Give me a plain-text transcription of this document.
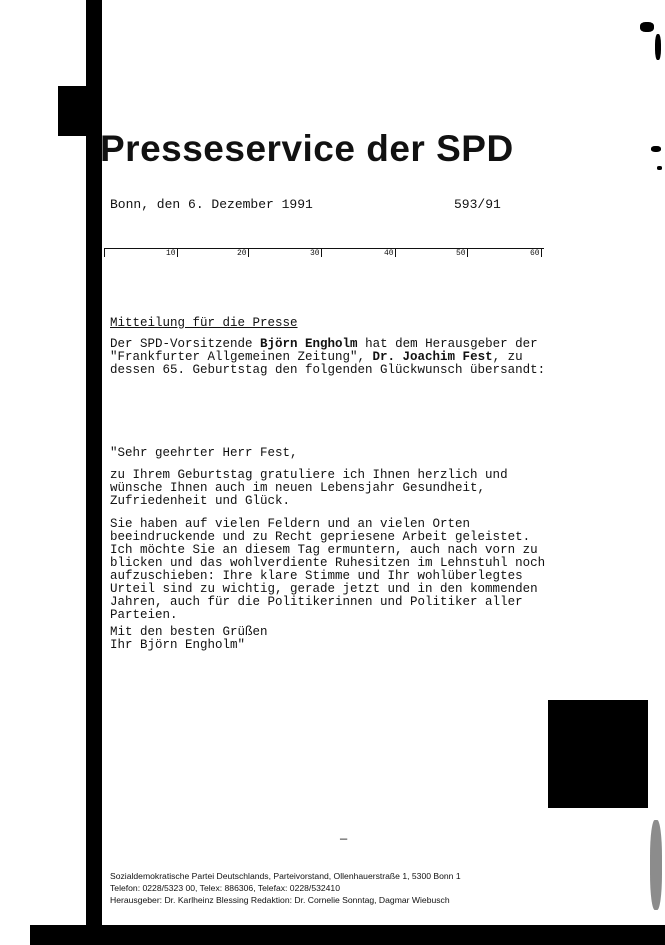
Presseservice der SPD
Bonn, den 6. Dezember 1991	593/91
10	20	30	40	50	60
Mitteilung für die Presse
Der SPD-Vorsitzende Björn Engholm hat dem Herausgeber der
"Frankfurter Allgemeinen Zeitung", Dr. Joachim Fest, zu
dessen 65. Geburtstag den folgenden Glückwunsch übersandt:
"Sehr geehrter Herr Fest,
zu Ihrem Geburtstag gratuliere ich Ihnen herzlich und
wünsche Ihnen auch im neuen Lebensjahr Gesundheit,
Zufriedenheit und Glück.
Sie haben auf vielen Feldern und an vielen Orten
beeindruckende und zu Recht gepriesene Arbeit geleistet.
Ich möchte Sie an diesem Tag ermuntern, auch nach vorn zu
blicken und das wohlverdiente Ruhesitzen im Lehnstuhl noch
aufzuschieben: Ihre klare Stimme und Ihr wohlüberlegtes
Urteil sind zu wichtig, gerade jetzt und in den kommenden
Jahren, auch für die Politikerinnen und Politiker aller
Parteien.
Mit den besten Grüßen
Ihr Björn Engholm"
—
Sozialdemokratische Partei Deutschlands, Parteivorstand, Ollenhauerstraße 1, 5300 Bonn 1
Telefon: 0228/5323 00, Telex: 886306, Telefax: 0228/532410
Herausgeber: Dr. Karlheinz Blessing Redaktion: Dr. Cornelie Sonntag, Dagmar Wiebusch
